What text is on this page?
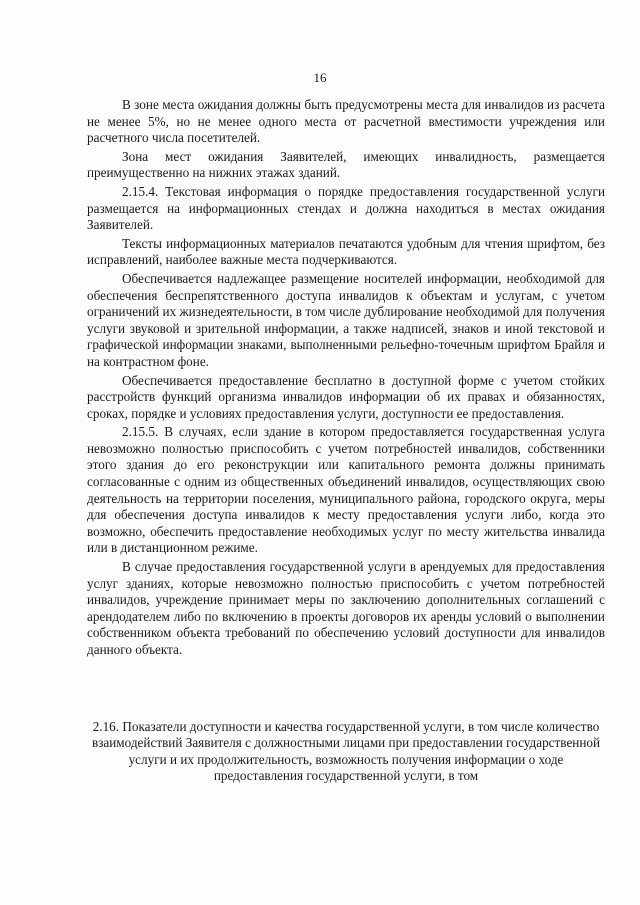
16

В зоне места ожидания должны быть предусмотрены места для инвалидов из расчета не менее 5%, но не менее одного места от расчетной вместимости учреждения или расчетного числа посетителей.

Зона мест ожидания Заявителей, имеющих инвалидность, размещается преимущественно на нижних этажах зданий.

2.15.4. Текстовая информация о порядке предоставления государственной услуги размещается на информационных стендах и должна находиться в местах ожидания Заявителей.

Тексты информационных материалов печатаются удобным для чтения шрифтом, без исправлений, наиболее важные места подчеркиваются.

Обеспечивается надлежащее размещение носителей информации, необходимой для обеспечения беспрепятственного доступа инвалидов к объектам и услугам, с учетом ограничений их жизнедеятельности, в том числе дублирование необходимой для получения услуги звуковой и зрительной информации, а также надписей, знаков и иной текстовой и графической информации знаками, выполненными рельефно-точечным шрифтом Брайля и на контрастном фоне.

Обеспечивается предоставление бесплатно в доступной форме с учетом стойких расстройств функций организма инвалидов информации об их правах и обязанностях, сроках, порядке и условиях предоставления услуги, доступности ее предоставления.

2.15.5. В случаях, если здание в котором предоставляется государственная услуга невозможно полностью приспособить с учетом потребностей инвалидов, собственники этого здания до его реконструкции или капитального ремонта должны принимать согласованные с одним из общественных объединений инвалидов, осуществляющих свою деятельность на территории поселения, муниципального района, городского округа, меры для обеспечения доступа инвалидов к месту предоставления услуги либо, когда это возможно, обеспечить предоставление необходимых услуг по месту жительства инвалида или в дистанционном режиме.

В случае предоставления государственной услуги в арендуемых для предоставления услуг зданиях, которые невозможно полностью приспособить с учетом потребностей инвалидов, учреждение принимает меры по заключению дополнительных соглашений с арендодателем либо по включению в проекты договоров их аренды условий о выполнении собственником объекта требований по обеспечению условий доступности для инвалидов данного объекта.

2.16. Показатели доступности и качества государственной услуги, в том числе количество взаимодействий Заявителя с должностными лицами при предоставлении государственной услуги и их продолжительность, возможность получения информации о ходе предоставления государственной услуги, в том
